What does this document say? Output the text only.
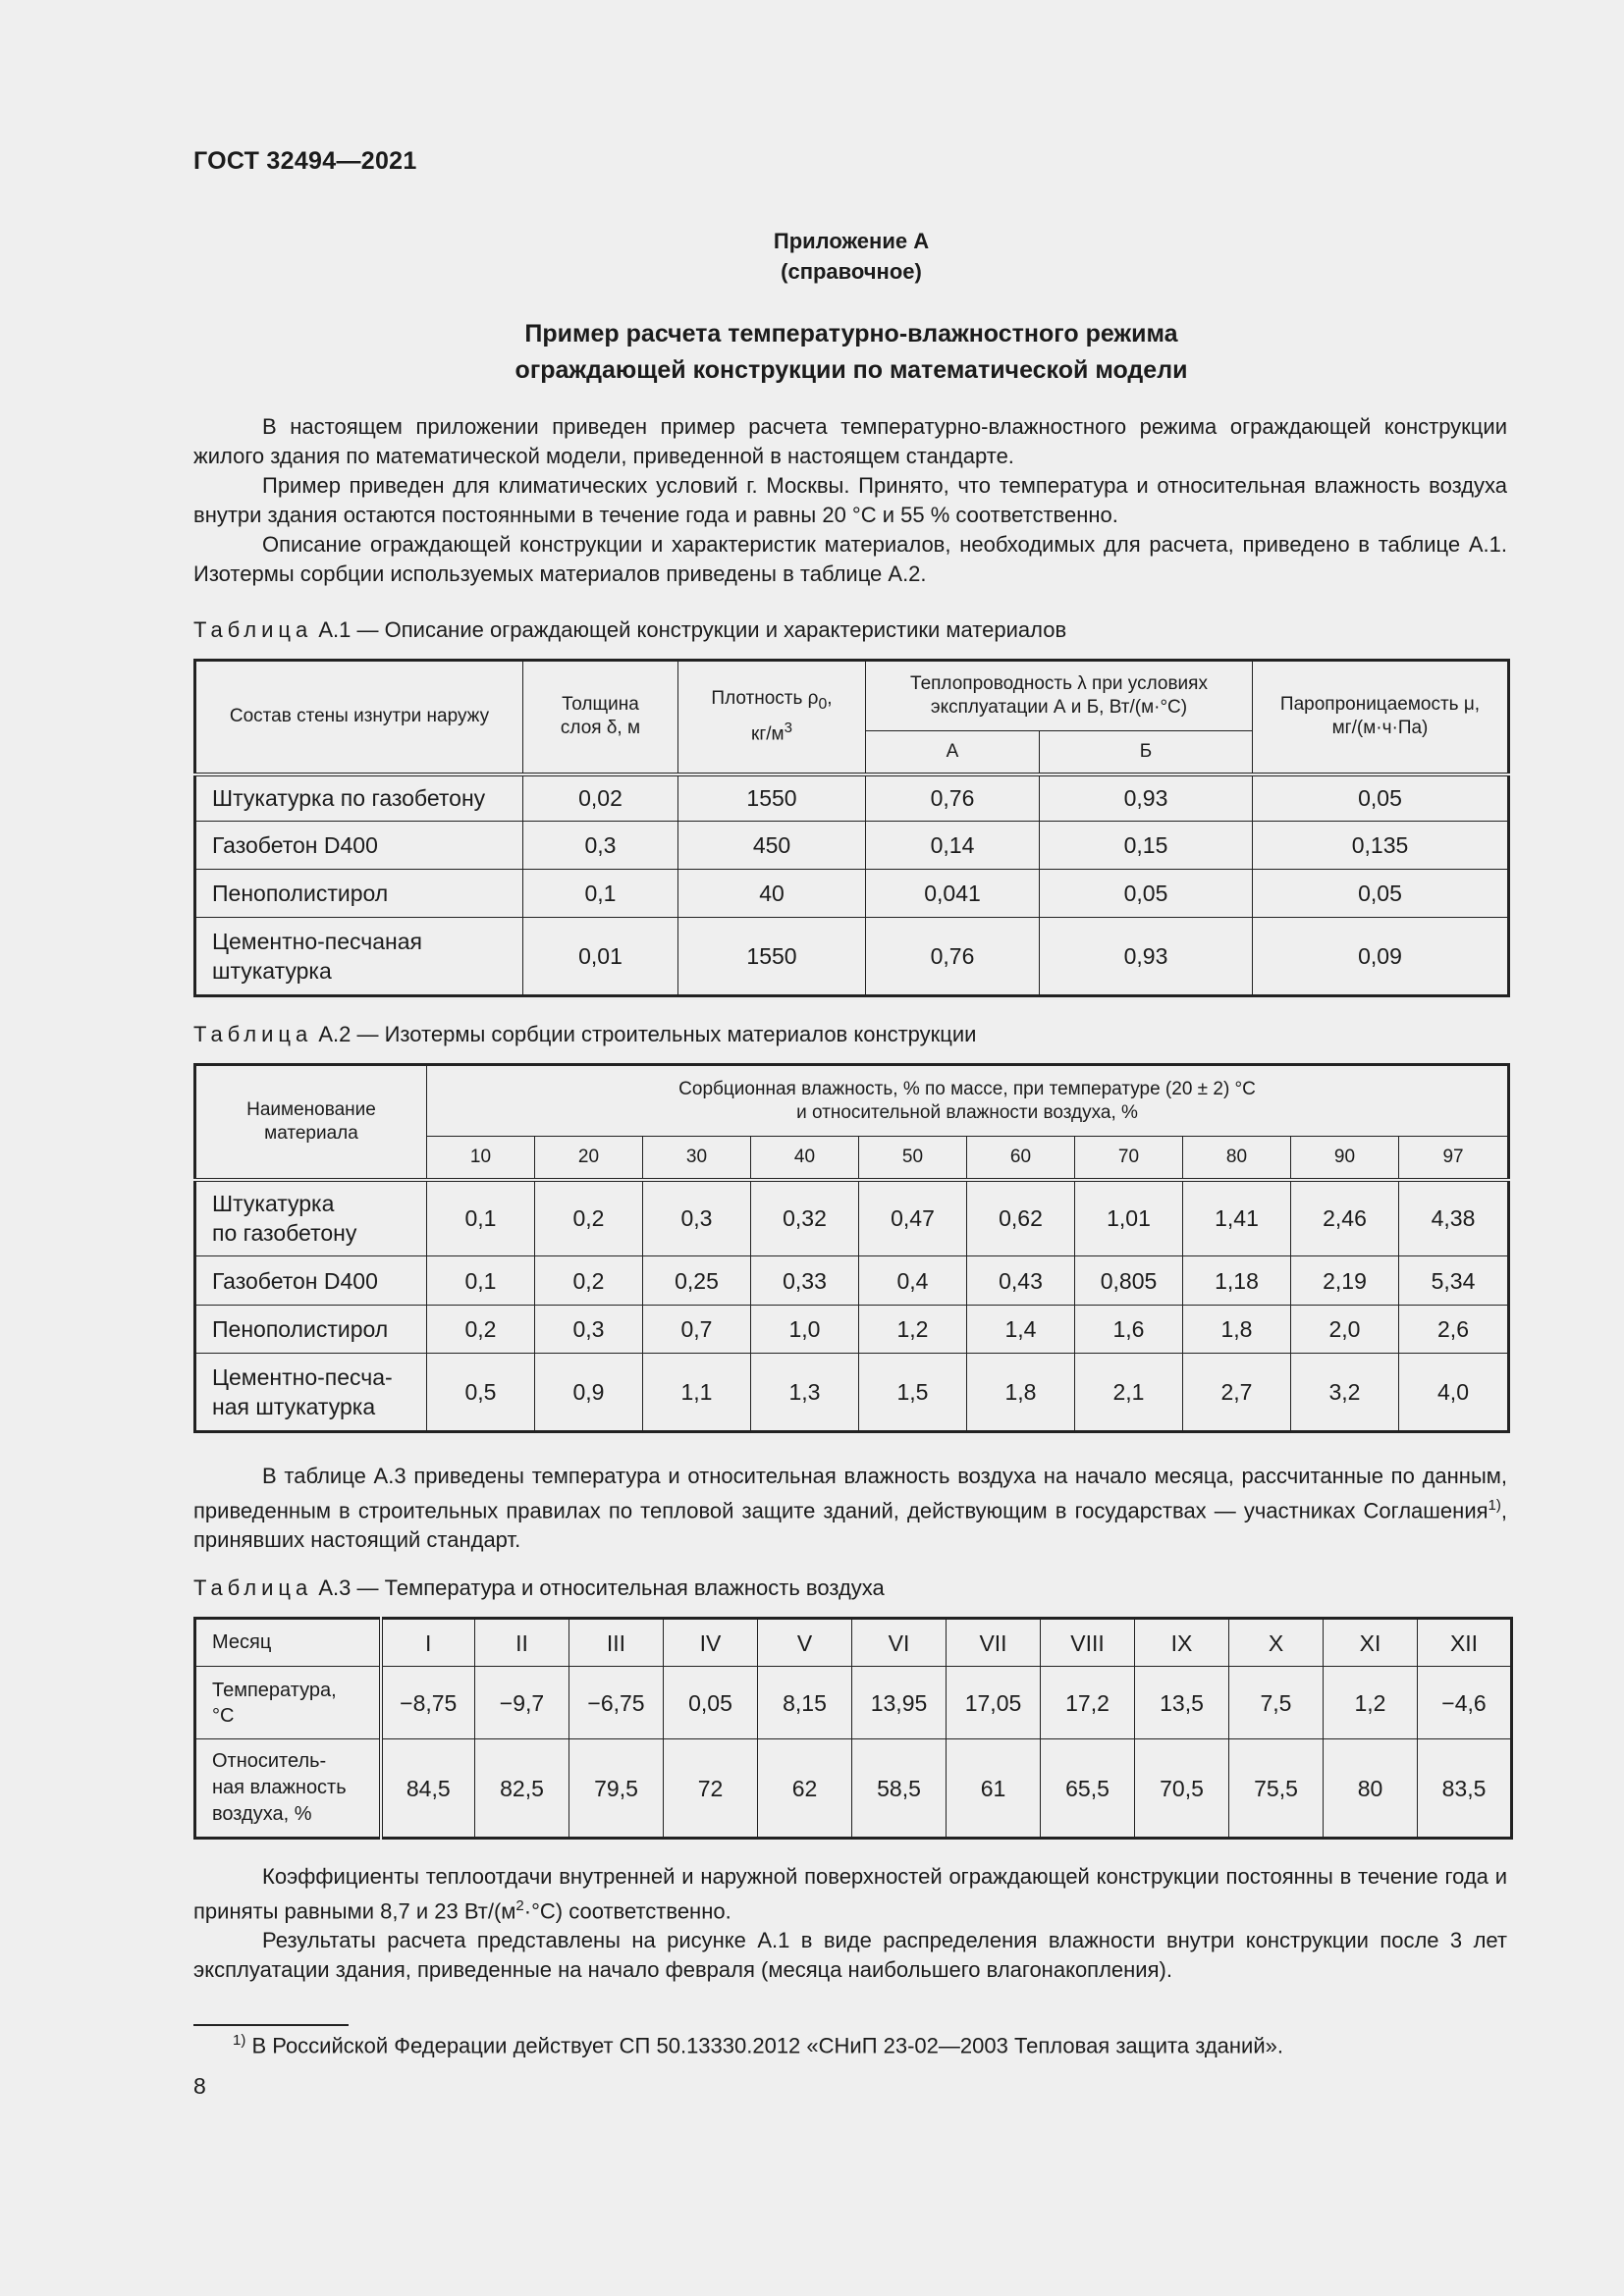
ГОСТ 32494—2021
Приложение А
(справочное)
Пример расчета температурно-влажностного режима
ограждающей конструкции по математической модели

В настоящем приложении приведен пример расчета температурно-влажностного режима ограждающей конструкции жилого здания по математической модели, приведенной в настоящем стандарте.

Пример приведен для климатических условий г. Москвы. Принято, что температура и относительная влажность воздуха внутри здания остаются постоянными в течение года и равны 20 °С и 55 % соответственно.

Описание ограждающей конструкции и характеристик материалов, необходимых для расчета, приведено в таблице А.1. Изотермы сорбции используемых материалов приведены в таблице А.2.

Таблица А.1 — Описание ограждающей конструкции и характеристики материалов
Состав стены изнутри наружу	Толщина слоя δ, м	Плотность $\rho_0$,
$кг/м^3$	Теплопроводность λ при условиях эксплуатации А и Б, Вт/(м·°С)		Паропроницаемость μ, мг/(м·ч·Па)
			А	Б	
Штукатурка по газобетону	0,02	1550	0,76	0,93	0,05
Газобетон D400	0,3	450	0,14	0,15	0,135
Пенополистирол	0,1	40	0,041	0,05	0,05
Цементно-песчаная
штукатурка	0,01	1550	0,76	0,93	0,09
Таблица А.2 — Изотермы сорбции строительных материалов конструкции
Наименование материала	Сорбционная влажность, % по массе, при температуре (20 ± 2) °С
и относительной влажности воздуха, %									
	10	20	30	40	50	60	70	80	90	97
Штукатурка
по газобетону	0,1	0,2	0,3	0,32	0,47	0,62	1,01	1,41	2,46	4,38
Газобетон D400	0,1	0,2	0,25	0,33	0,4	0,43	0,805	1,18	2,19	5,34
Пенополистирол	0,2	0,3	0,7	1,0	1,2	1,4	1,6	1,8	2,0	2,6
Цементно-песча-
ная штукатурка	0,5	0,9	1,1	1,3	1,5	1,8	2,1	2,7	3,2	4,0

В таблице А.3 приведены температура и относительная влажность воздуха на начало месяца, рассчитанные по данным, приведенным в строительных правилах по тепловой защите зданий, действующим в государствах — участниках Соглашения$^{1)}$, принявших настоящий стандарт.

Таблица А.3 — Температура и относительная влажность воздуха
Месяц	I	II	III	IV	V	VI	VII	VIII	IX	X	XI	XII
Температура,
°С	−8,75	−9,7	−6,75	0,05	8,15	13,95	17,05	17,2	13,5	7,5	1,2	−4,6
Относитель-
ная влажность
воздуха, %	84,5	82,5	79,5	72	62	58,5	61	65,5	70,5	75,5	80	83,5

Коэффициенты теплоотдачи внутренней и наружной поверхностей ограждающей конструкции постоянны в течение года и приняты равными 8,7 и 23 $Вт/(м^2\cdot^\circ С)$ соответственно.

Результаты расчета представлены на рисунке А.1 в виде распределения влажности внутри конструкции после 3 лет эксплуатации здания, приведенные на начало февраля (месяца наибольшего влагонакопления).

$^{1)}$ В Российской Федерации действует СП 50.13330.2012 «СНиП 23-02—2003 Тепловая защита зданий».
8
